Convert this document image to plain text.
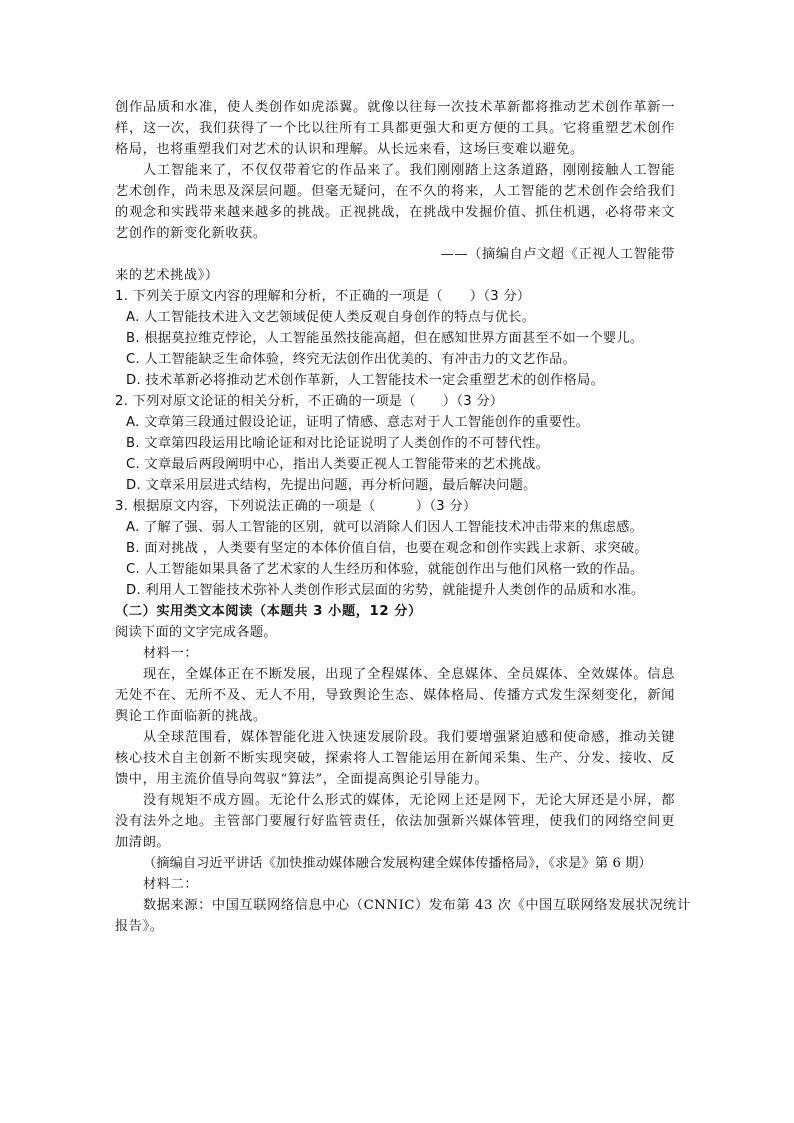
创作品质和水准，使人类创作如虎添翼。就像以往每一次技术革新都将推动艺术创作革新一
样，这一次，我们获得了一个比以往所有工具都更强大和更方便的工具。它将重塑艺术创作
格局，也将重塑我们对艺术的认识和理解。从长远来看，这场巨变难以避免。
人工智能来了，不仅仅带着它的作品来了。我们刚刚踏上这条道路，刚刚接触人工智能
艺术创作，尚未思及深层问题。但毫无疑问，在不久的将来，人工智能的艺术创作会给我们
的观念和实践带来越来越多的挑战。正视挑战，在挑战中发掘价值、抓住机遇，必将带来文
艺创作的新变化新收获。
——（摘编自卢文超《正视人工智能带
来的艺术挑战》）
1. 下列关于原文内容的理解和分析，不正确的一项是（　　）（3 分）
A. 人工智能技术进入文艺领域促使人类反观自身创作的特点与优长。
B. 根据莫拉维克悖论，人工智能虽然技能高超，但在感知世界方面甚至不如一个婴儿。
C. 人工智能缺乏生命体验，终究无法创作出优美的、有冲击力的文艺作品。
D. 技术革新必将推动艺术创作革新，人工智能技术一定会重塑艺术的创作格局。
2. 下列对原文论证的相关分析，不正确的一项是（　　）（3 分）
A. 文章第三段通过假设论证，证明了情感、意志对于人工智能创作的重要性。
B. 文章第四段运用比喻论证和对比论证说明了人类创作的不可替代性。
C. 文章最后两段阐明中心，指出人类要正视人工智能带来的艺术挑战。
D. 文章采用层进式结构，先提出问题，再分析问题，最后解决问题。
3. 根据原文内容，下列说法正确的一项是（　　　）（3 分）
A. 了解了强、弱人工智能的区别，就可以消除人们因人工智能技术冲击带来的焦虑感。
B. 面对挑战 ，人类要有坚定的本体价值自信，也要在观念和创作实践上求新、求突破。
C. 人工智能如果具备了艺术家的人生经历和体验，就能创作出与他们风格一致的作品。
D. 利用人工智能技术弥补人类创作形式层面的劣势，就能提升人类创作的品质和水准。
（二）实用类文本阅读（本题共 3 小题，12 分）
阅读下面的文字完成各题。
材料一：
现在，全媒体正在不断发展，出现了全程媒体、全息媒体、全员媒体、全效媒体。信息
无处不在、无所不及、无人不用，导致舆论生态、媒体格局、传播方式发生深刻变化，新闻
舆论工作面临新的挑战。
从全球范围看，媒体智能化进入快速发展阶段。我们要增强紧迫感和使命感，推动关键
核心技术自主创新不断实现突破，探索将人工智能运用在新闻采集、生产、分发、接收、反
馈中，用主流价值导向驾驭“算法”，全面提高舆论引导能力。
没有规矩不成方圆。无论什么形式的媒体，无论网上还是网下，无论大屏还是小屏，都
没有法外之地。主管部门要履行好监管责任，依法加强新兴媒体管理，使我们的网络空间更
加清朗。
（摘编自习近平讲话《加快推动媒体融合发展构建全媒体传播格局》，《求是》第 6 期）
材料二：
数据来源：中国互联网络信息中心（CNNIC）发布第 43 次《中国互联网络发展状况统计
报告》。
